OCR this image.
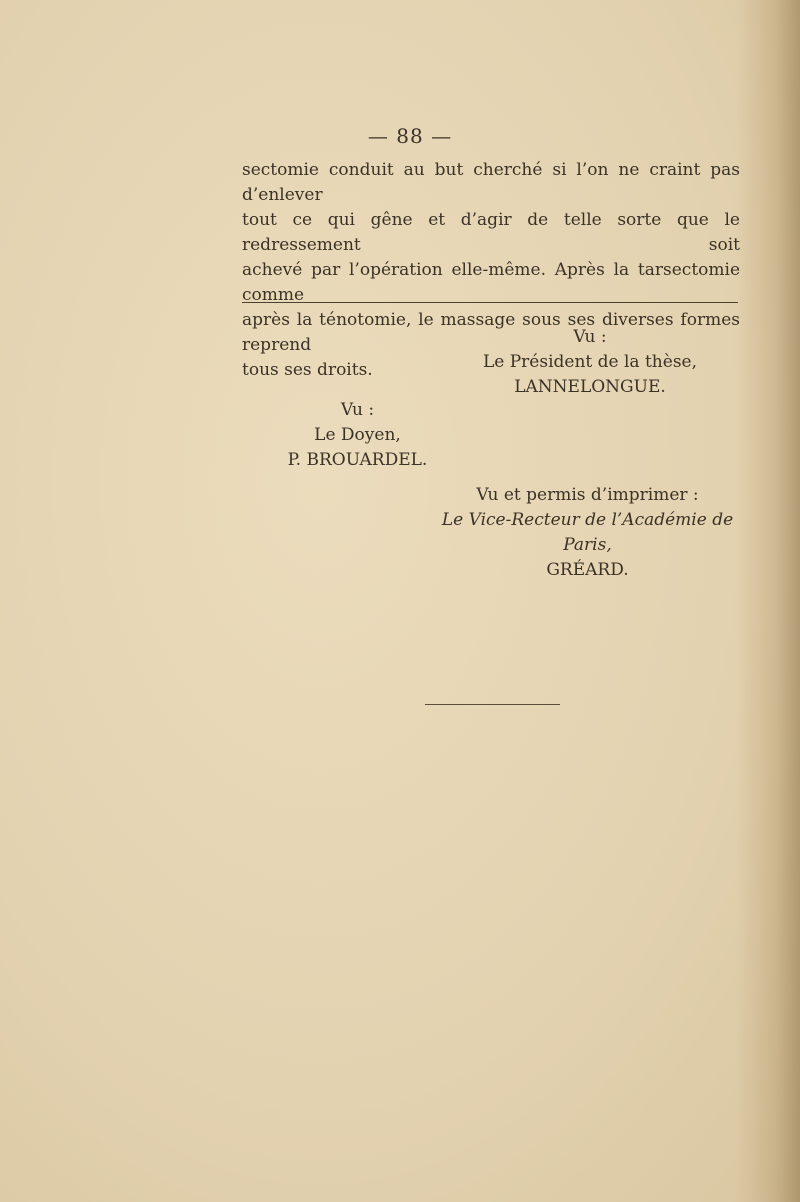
— 88 —
sectomie conduit au but cherché si l’on ne craint pas d’enlever
tout ce qui gêne et d’agir de telle sorte que le redressement soit
achevé par l’opération elle-même. Après la tarsectomie comme
après la ténotomie, le massage sous ses diverses formes reprend
tous ses droits.
Vu :
Le Président de la thèse,
LANNELONGUE.
Vu :
Le Doyen,
P. BROUARDEL.
Vu et permis d’imprimer :
Le Vice-Recteur de l’Académie de Paris,
GRÉARD.
